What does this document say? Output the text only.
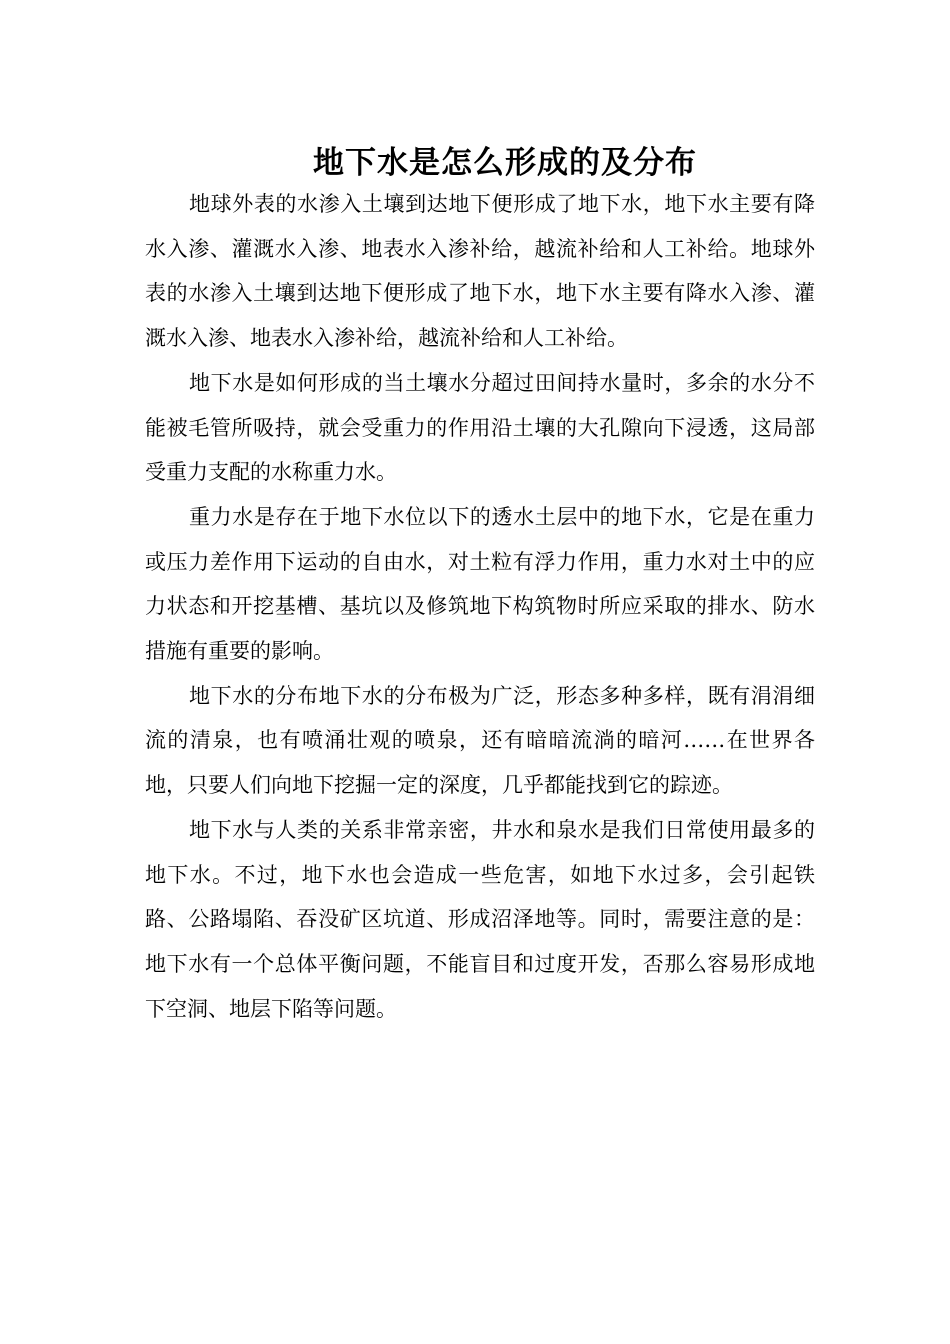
地下水是怎么形成的及分布

地球外表的水渗入土壤到达地下便形成了地下水，地下水主要有降水入渗、灌溉水入渗、地表水入渗补给，越流补给和人工补给。地球外表的水渗入土壤到达地下便形成了地下水，地下水主要有降水入渗、灌溉水入渗、地表水入渗补给，越流补给和人工补给。

地下水是如何形成的当土壤水分超过田间持水量时，多余的水分不能被毛管所吸持，就会受重力的作用沿土壤的大孔隙向下浸透，这局部受重力支配的水称重力水。

重力水是存在于地下水位以下的透水土层中的地下水，它是在重力或压力差作用下运动的自由水，对土粒有浮力作用，重力水对土中的应力状态和开挖基槽、基坑以及修筑地下构筑物时所应采取的排水、防水措施有重要的影响。

地下水的分布地下水的分布极为广泛，形态多种多样，既有涓涓细流的清泉，也有喷涌壮观的喷泉，还有暗暗流淌的暗河……在世界各地，只要人们向地下挖掘一定的深度，几乎都能找到它的踪迹。

地下水与人类的关系非常亲密，井水和泉水是我们日常使用最多的地下水。不过，地下水也会造成一些危害，如地下水过多，会引起铁路、公路塌陷、吞没矿区坑道、形成沼泽地等。同时，需要注意的是：地下水有一个总体平衡问题，不能盲目和过度开发，否那么容易形成地下空洞、地层下陷等问题。
